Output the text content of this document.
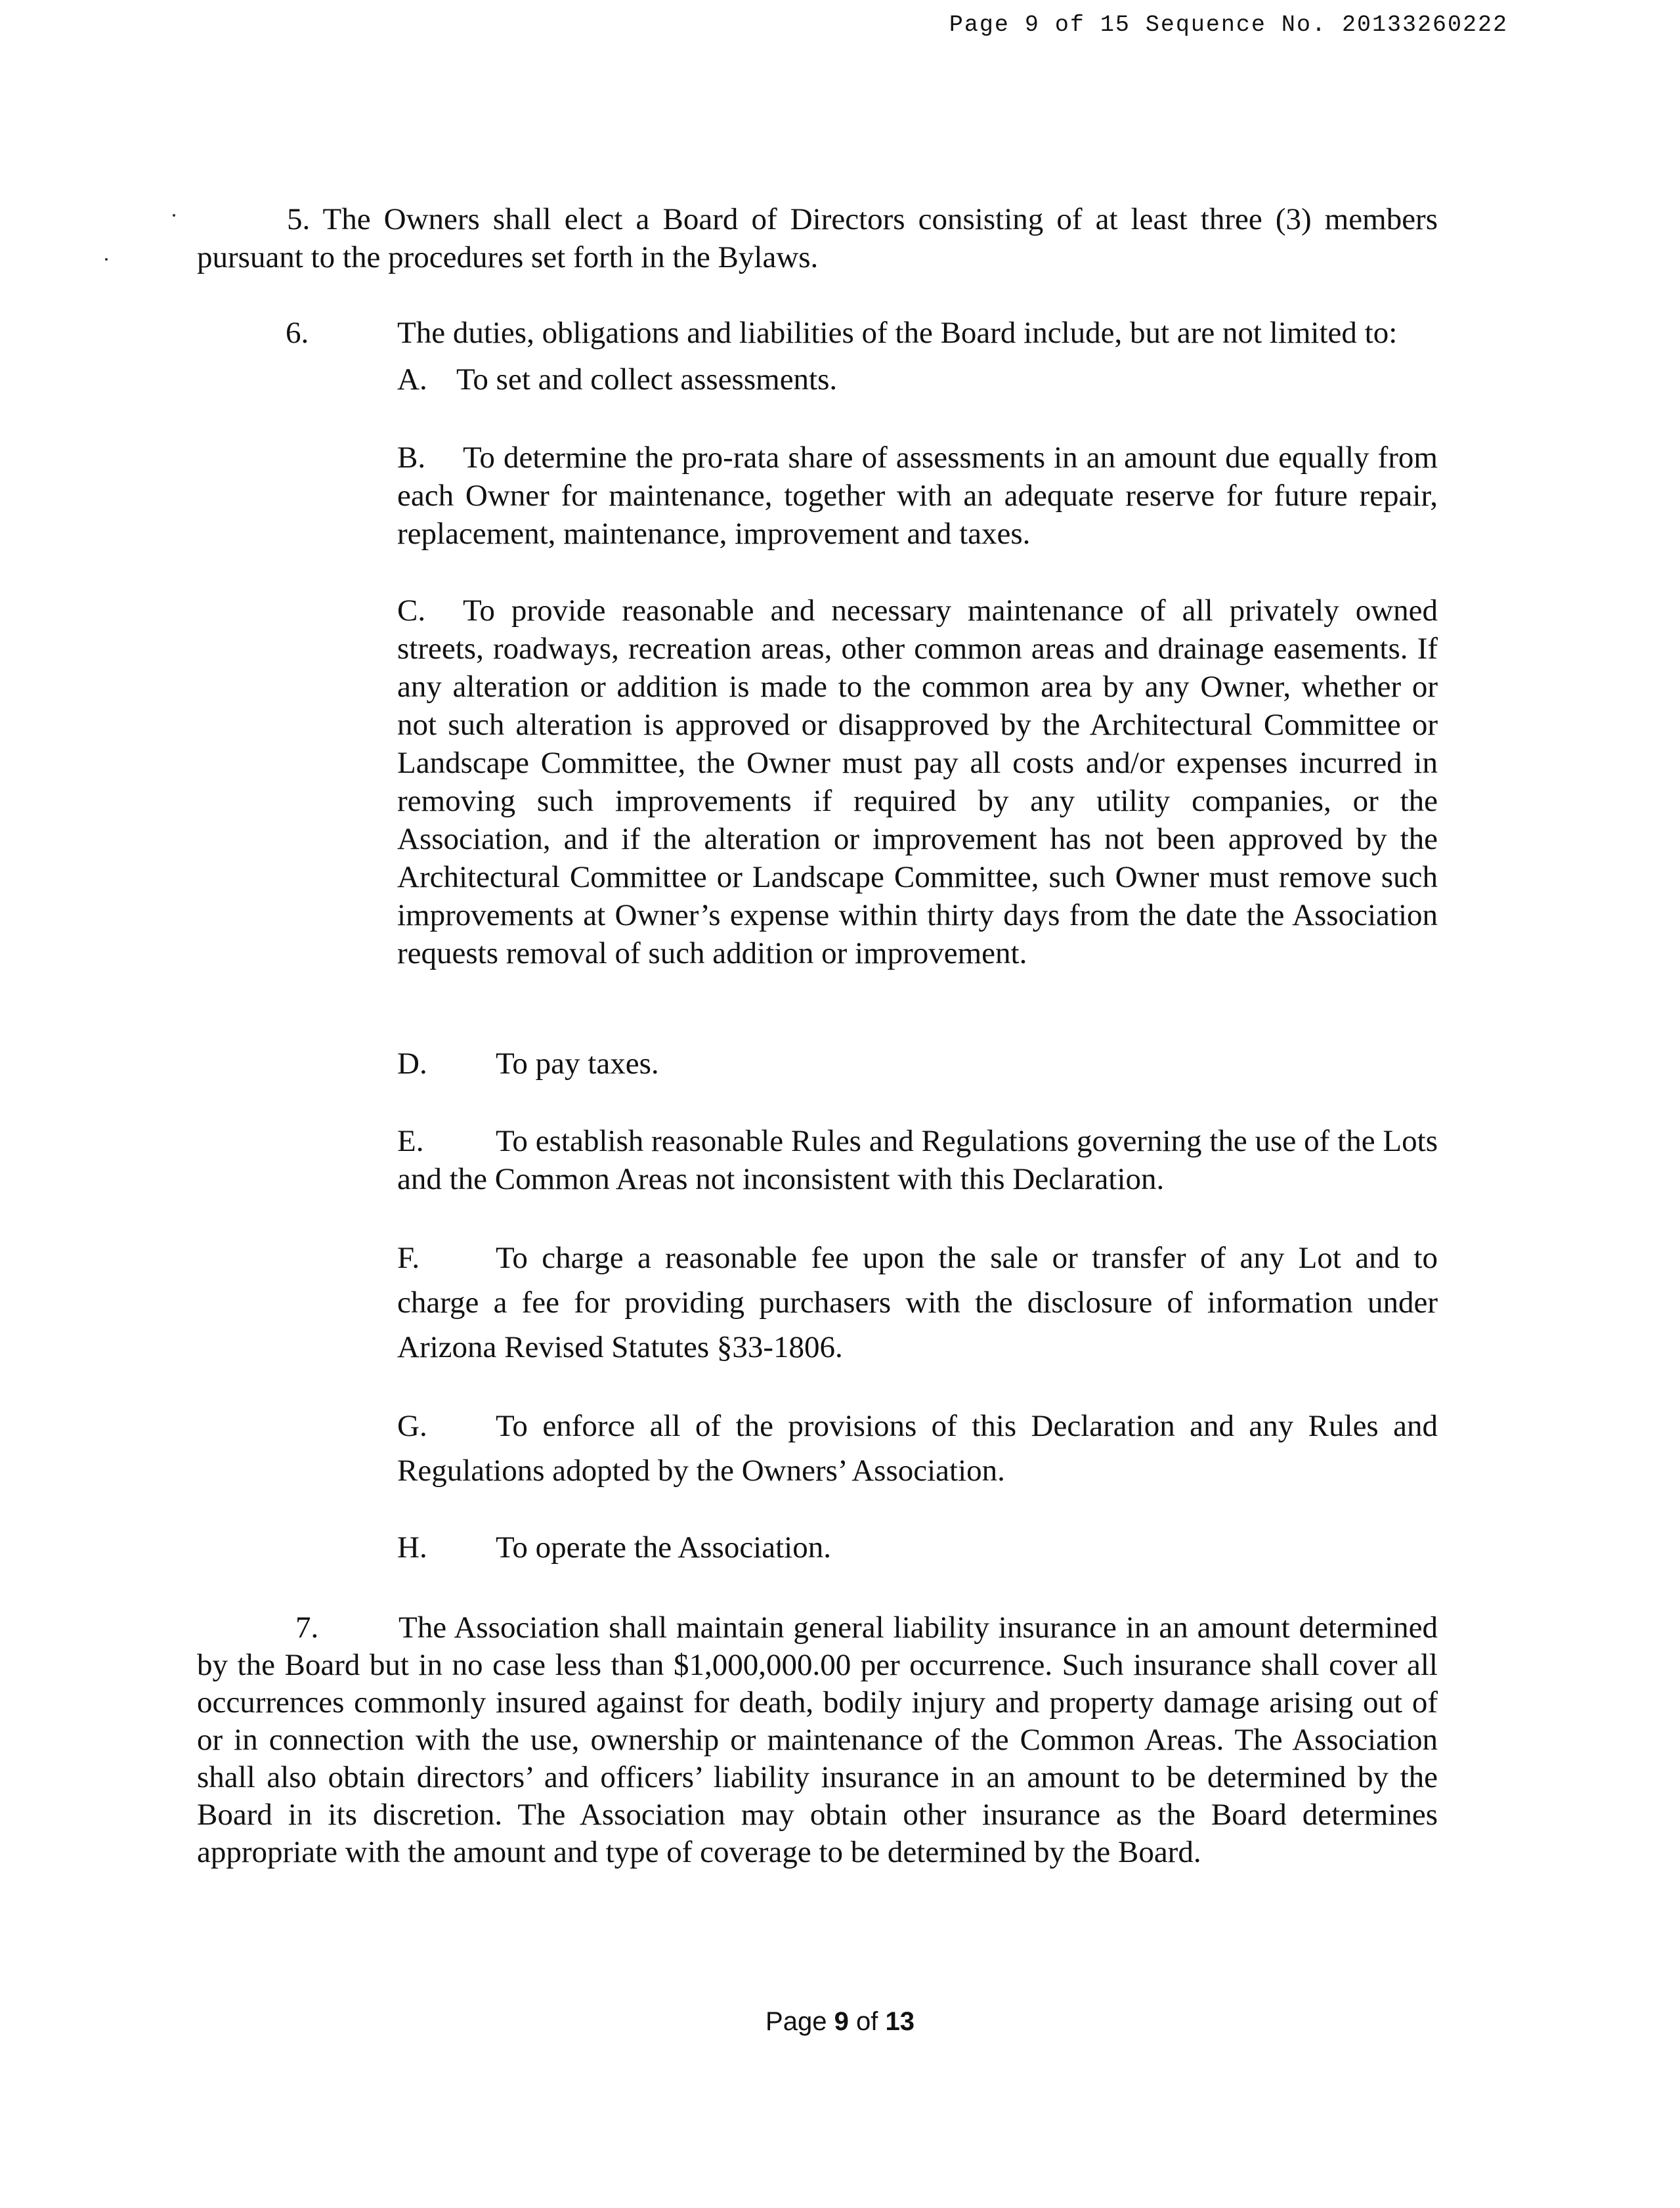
Page 9 of 15 Sequence No. 20133260222
5. The Owners shall elect a Board of Directors consisting of at least three (3) members pursuant to the procedures set forth in the Bylaws.
6.	The duties, obligations and liabilities of the Board include, but are not limited to:
A. To set and collect assessments.
B. To determine the pro-rata share of assessments in an amount due equally from each Owner for maintenance, together with an adequate reserve for future repair, replacement, maintenance, improvement and taxes.
C. To provide reasonable and necessary maintenance of all privately owned streets, roadways, recreation areas, other common areas and drainage easements. If any alteration or addition is made to the common area by any Owner, whether or not such alteration is approved or disapproved by the Architectural Committee or Landscape Committee, the Owner must pay all costs and/or expenses incurred in removing such improvements if required by any utility companies, or the Association, and if the alteration or improvement has not been approved by the Architectural Committee or Landscape Committee, such Owner must remove such improvements at Owner’s expense within thirty days from the date the Association requests removal of such addition or improvement.
D. To pay taxes.
E. To establish reasonable Rules and Regulations governing the use of the Lots and the Common Areas not inconsistent with this Declaration.
F. To charge a reasonable fee upon the sale or transfer of any Lot and to charge a fee for providing purchasers with the disclosure of information under Arizona Revised Statutes §33-1806.
G. To enforce all of the provisions of this Declaration and any Rules and Regulations adopted by the Owners’ Association.
H. To operate the Association.
7.	The Association shall maintain general liability insurance in an amount determined by the Board but in no case less than $1,000,000.00 per occurrence. Such insurance shall cover all occurrences commonly insured against for death, bodily injury and property damage arising out of or in connection with the use, ownership or maintenance of the Common Areas. The Association shall also obtain directors’ and officers’ liability insurance in an amount to be determined by the Board in its discretion. The Association may obtain other insurance as the Board determines appropriate with the amount and type of coverage to be determined by the Board.
Page 9 of 13
